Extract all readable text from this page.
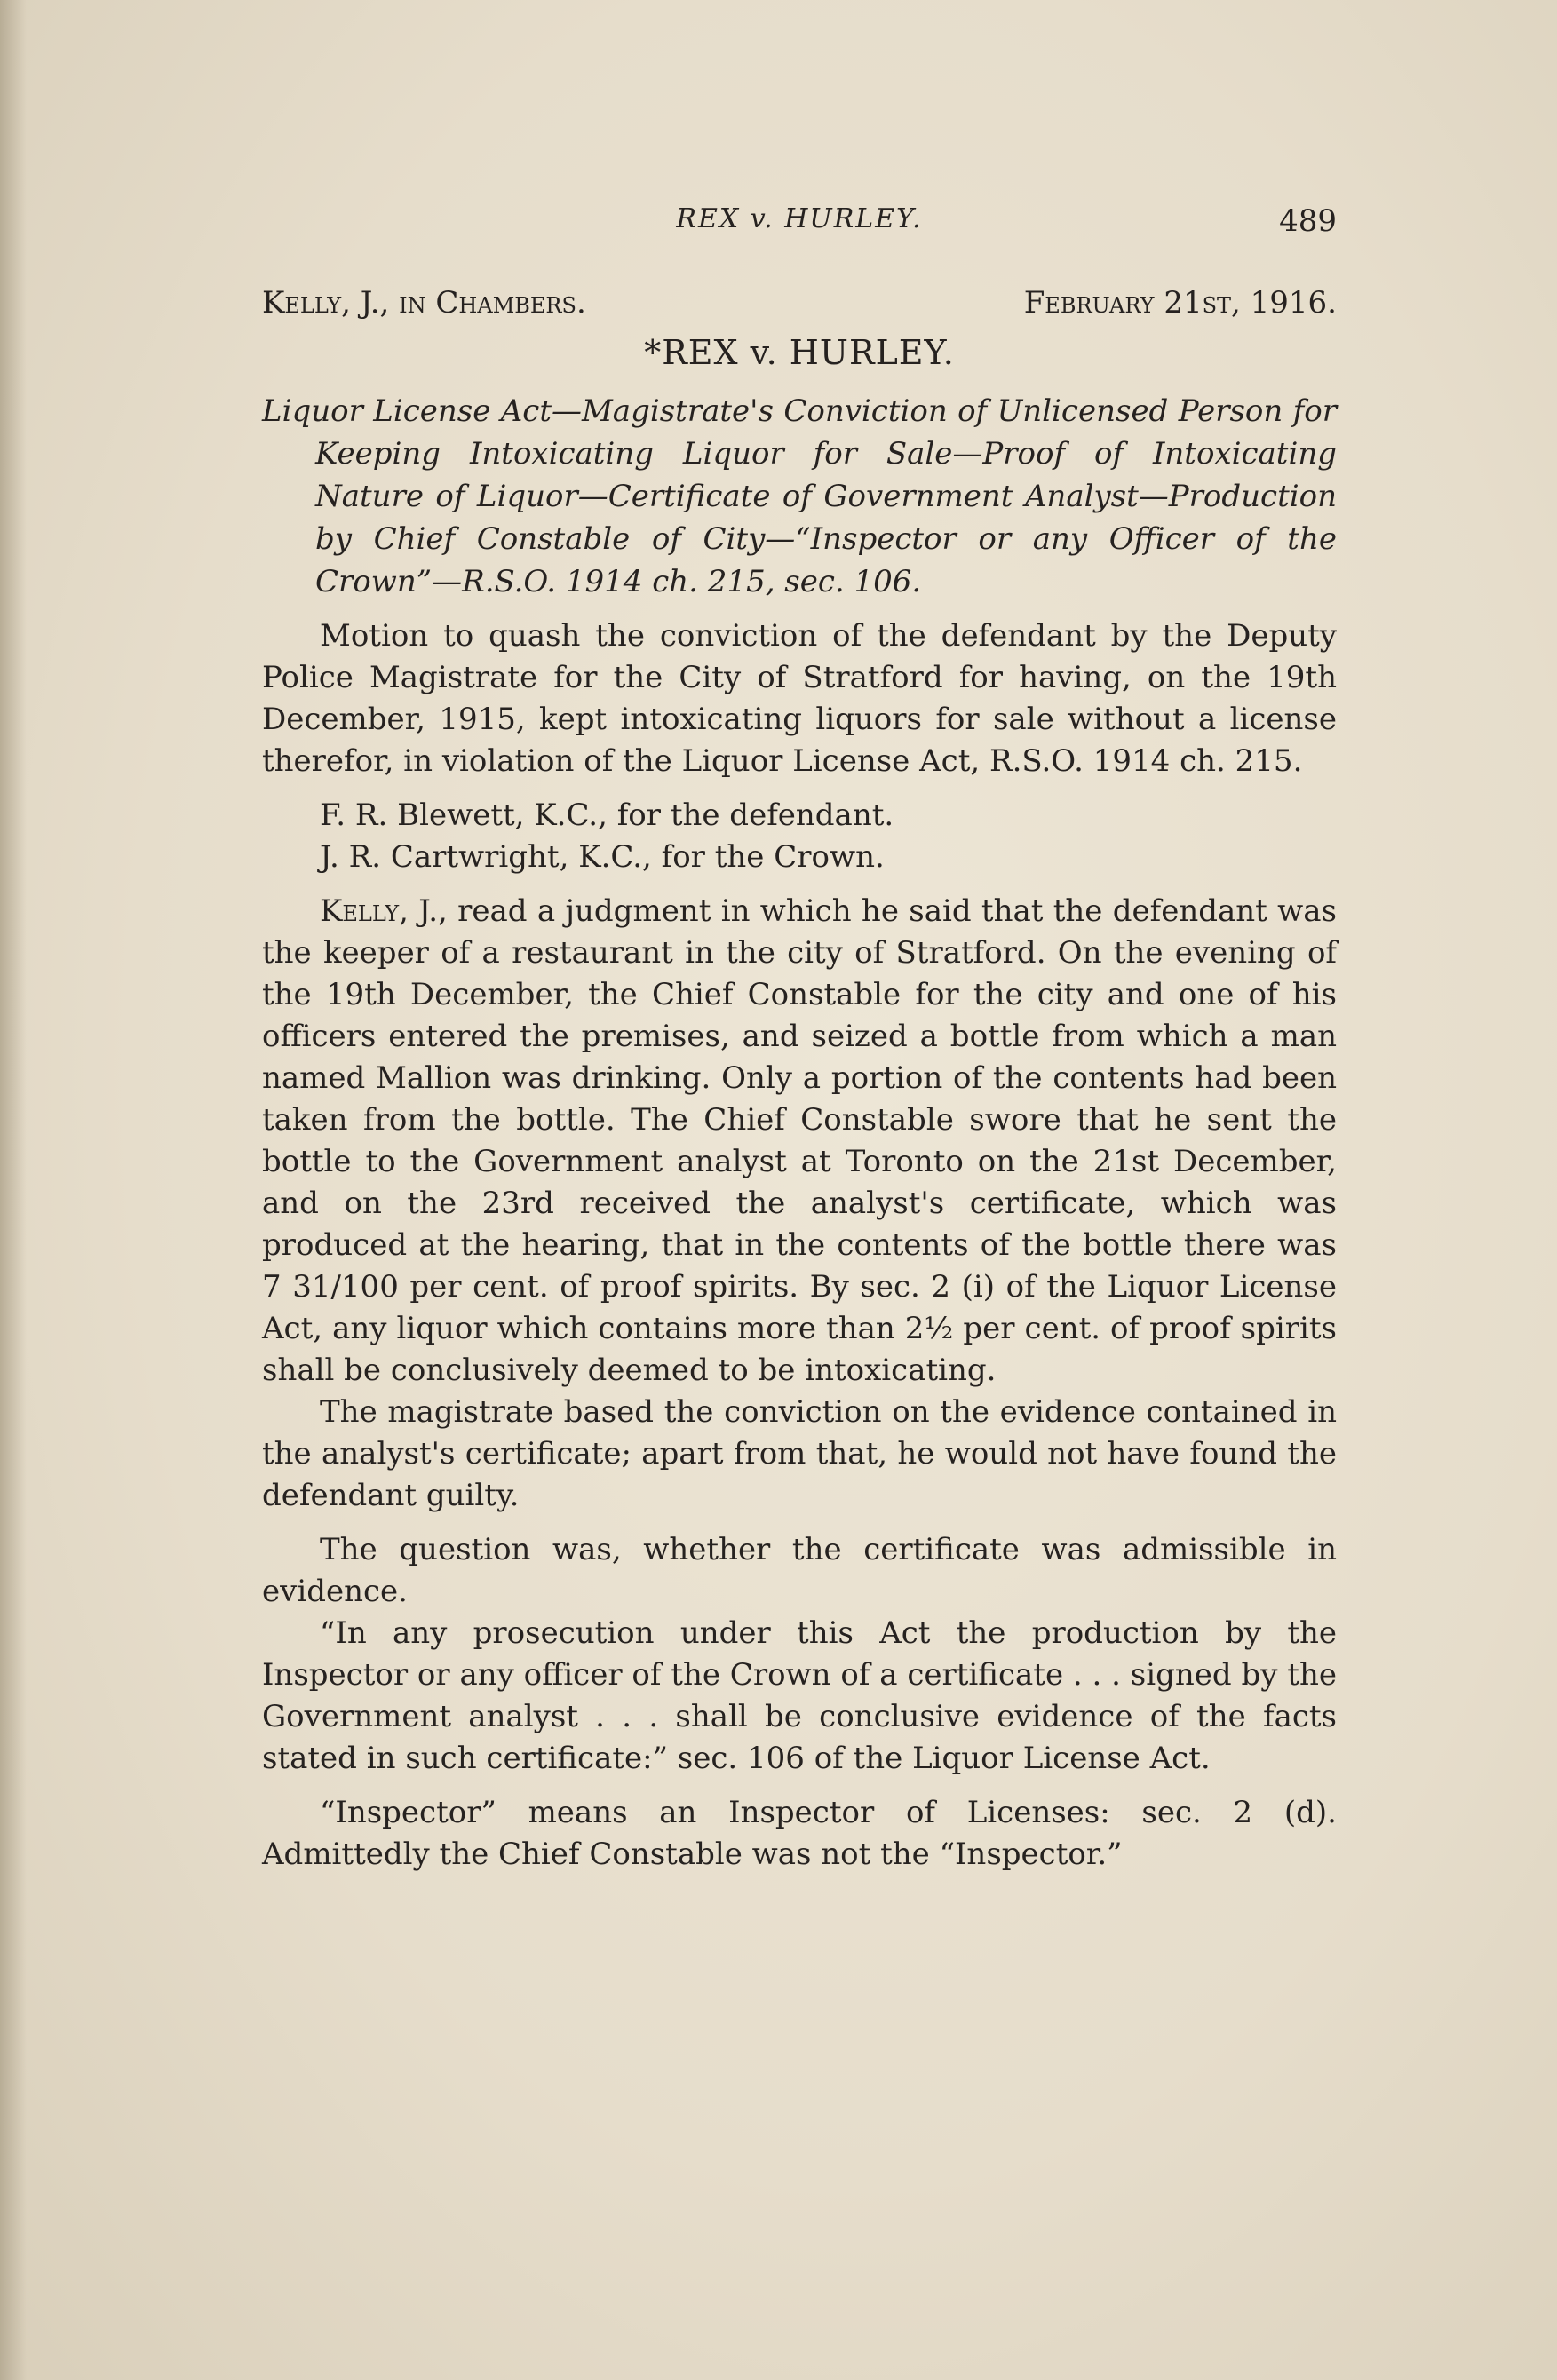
REX v. HURLEY.	489
Kelly, J., in Chambers.	February 21st, 1916.
*REX v. HURLEY.
Liquor License Act—Magistrate's Conviction of Unlicensed Person for Keeping Intoxicating Liquor for Sale—Proof of Intoxicating Nature of Liquor—Certificate of Government Analyst—Production by Chief Constable of City—“Inspector or any Officer of the Crown”—R.S.O. 1914 ch. 215, sec. 106.

Motion to quash the conviction of the defendant by the Deputy Police Magistrate for the City of Stratford for having, on the 19th December, 1915, kept intoxicating liquors for sale without a license therefor, in violation of the Liquor License Act, R.S.O. 1914 ch. 215.

F. R. Blewett, K.C., for the defendant.

J. R. Cartwright, K.C., for the Crown.

Kelly, J., read a judgment in which he said that the defendant was the keeper of a restaurant in the city of Stratford. On the evening of the 19th December, the Chief Constable for the city and one of his officers entered the premises, and seized a bottle from which a man named Mallion was drinking. Only a portion of the contents had been taken from the bottle. The Chief Constable swore that he sent the bottle to the Government analyst at Toronto on the 21st December, and on the 23rd received the analyst's certificate, which was produced at the hearing, that in the contents of the bottle there was 7 31/100 per cent. of proof spirits. By sec. 2 (i) of the Liquor License Act, any liquor which contains more than 2½ per cent. of proof spirits shall be conclusively deemed to be intoxicating.

The magistrate based the conviction on the evidence contained in the analyst's certificate; apart from that, he would not have found the defendant guilty.

The question was, whether the certificate was admissible in evidence.

“In any prosecution under this Act the production by the Inspector or any officer of the Crown of a certificate . . . signed by the Government analyst . . . shall be conclusive evidence of the facts stated in such certificate:” sec. 106 of the Liquor License Act.

“Inspector” means an Inspector of Licenses: sec. 2 (d). Admittedly the Chief Constable was not the “Inspector.”
